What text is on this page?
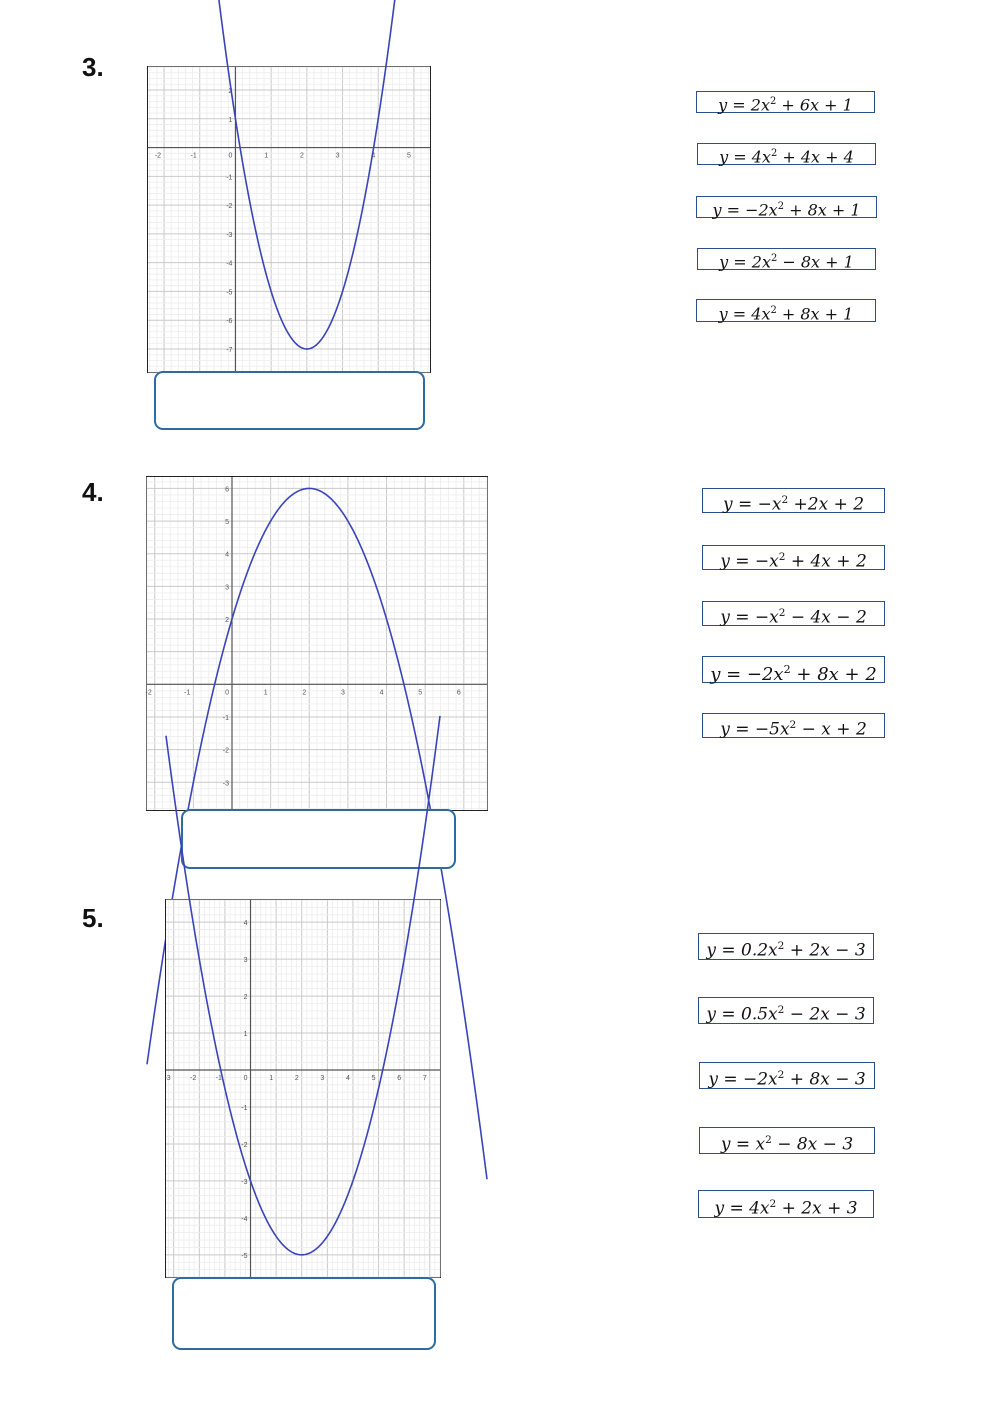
3.
-2	-1	0	1	2	3	4	5
2
1
-1
-2
-3
-4
-5
-6
-7
$y = 2x^2 + 6x + 1$
$y = 4x^2 + 4x + 4$
$y = -2x^2 + 8x + 1$
$y = 2x^2 - 8x + 1$
$y = 4x^2 + 8x + 1$
4.
-2	-1	0	1	2	3	4	5	6
6
5
4
3
2
-1
-2
-3
$y = -x^2 +2x + 2$
$y = -x^2 + 4x + 2$
$y = -x^2 - 4x - 2$
$y = -2x^2 + 8x + 2$
$y = -5x^2 - x + 2$
5.
-3	-2	-1	0	1	2	3	4	5	6	7
4
3
2
1
-1
-2
-3
-4
-5
$y = 0.2x^2 + 2x - 3$
$y = 0.5x^2 - 2x - 3$
$y = -2x^2 + 8x - 3$
$y = x^2 - 8x - 3$
$y = 4x^2 + 2x + 3$
